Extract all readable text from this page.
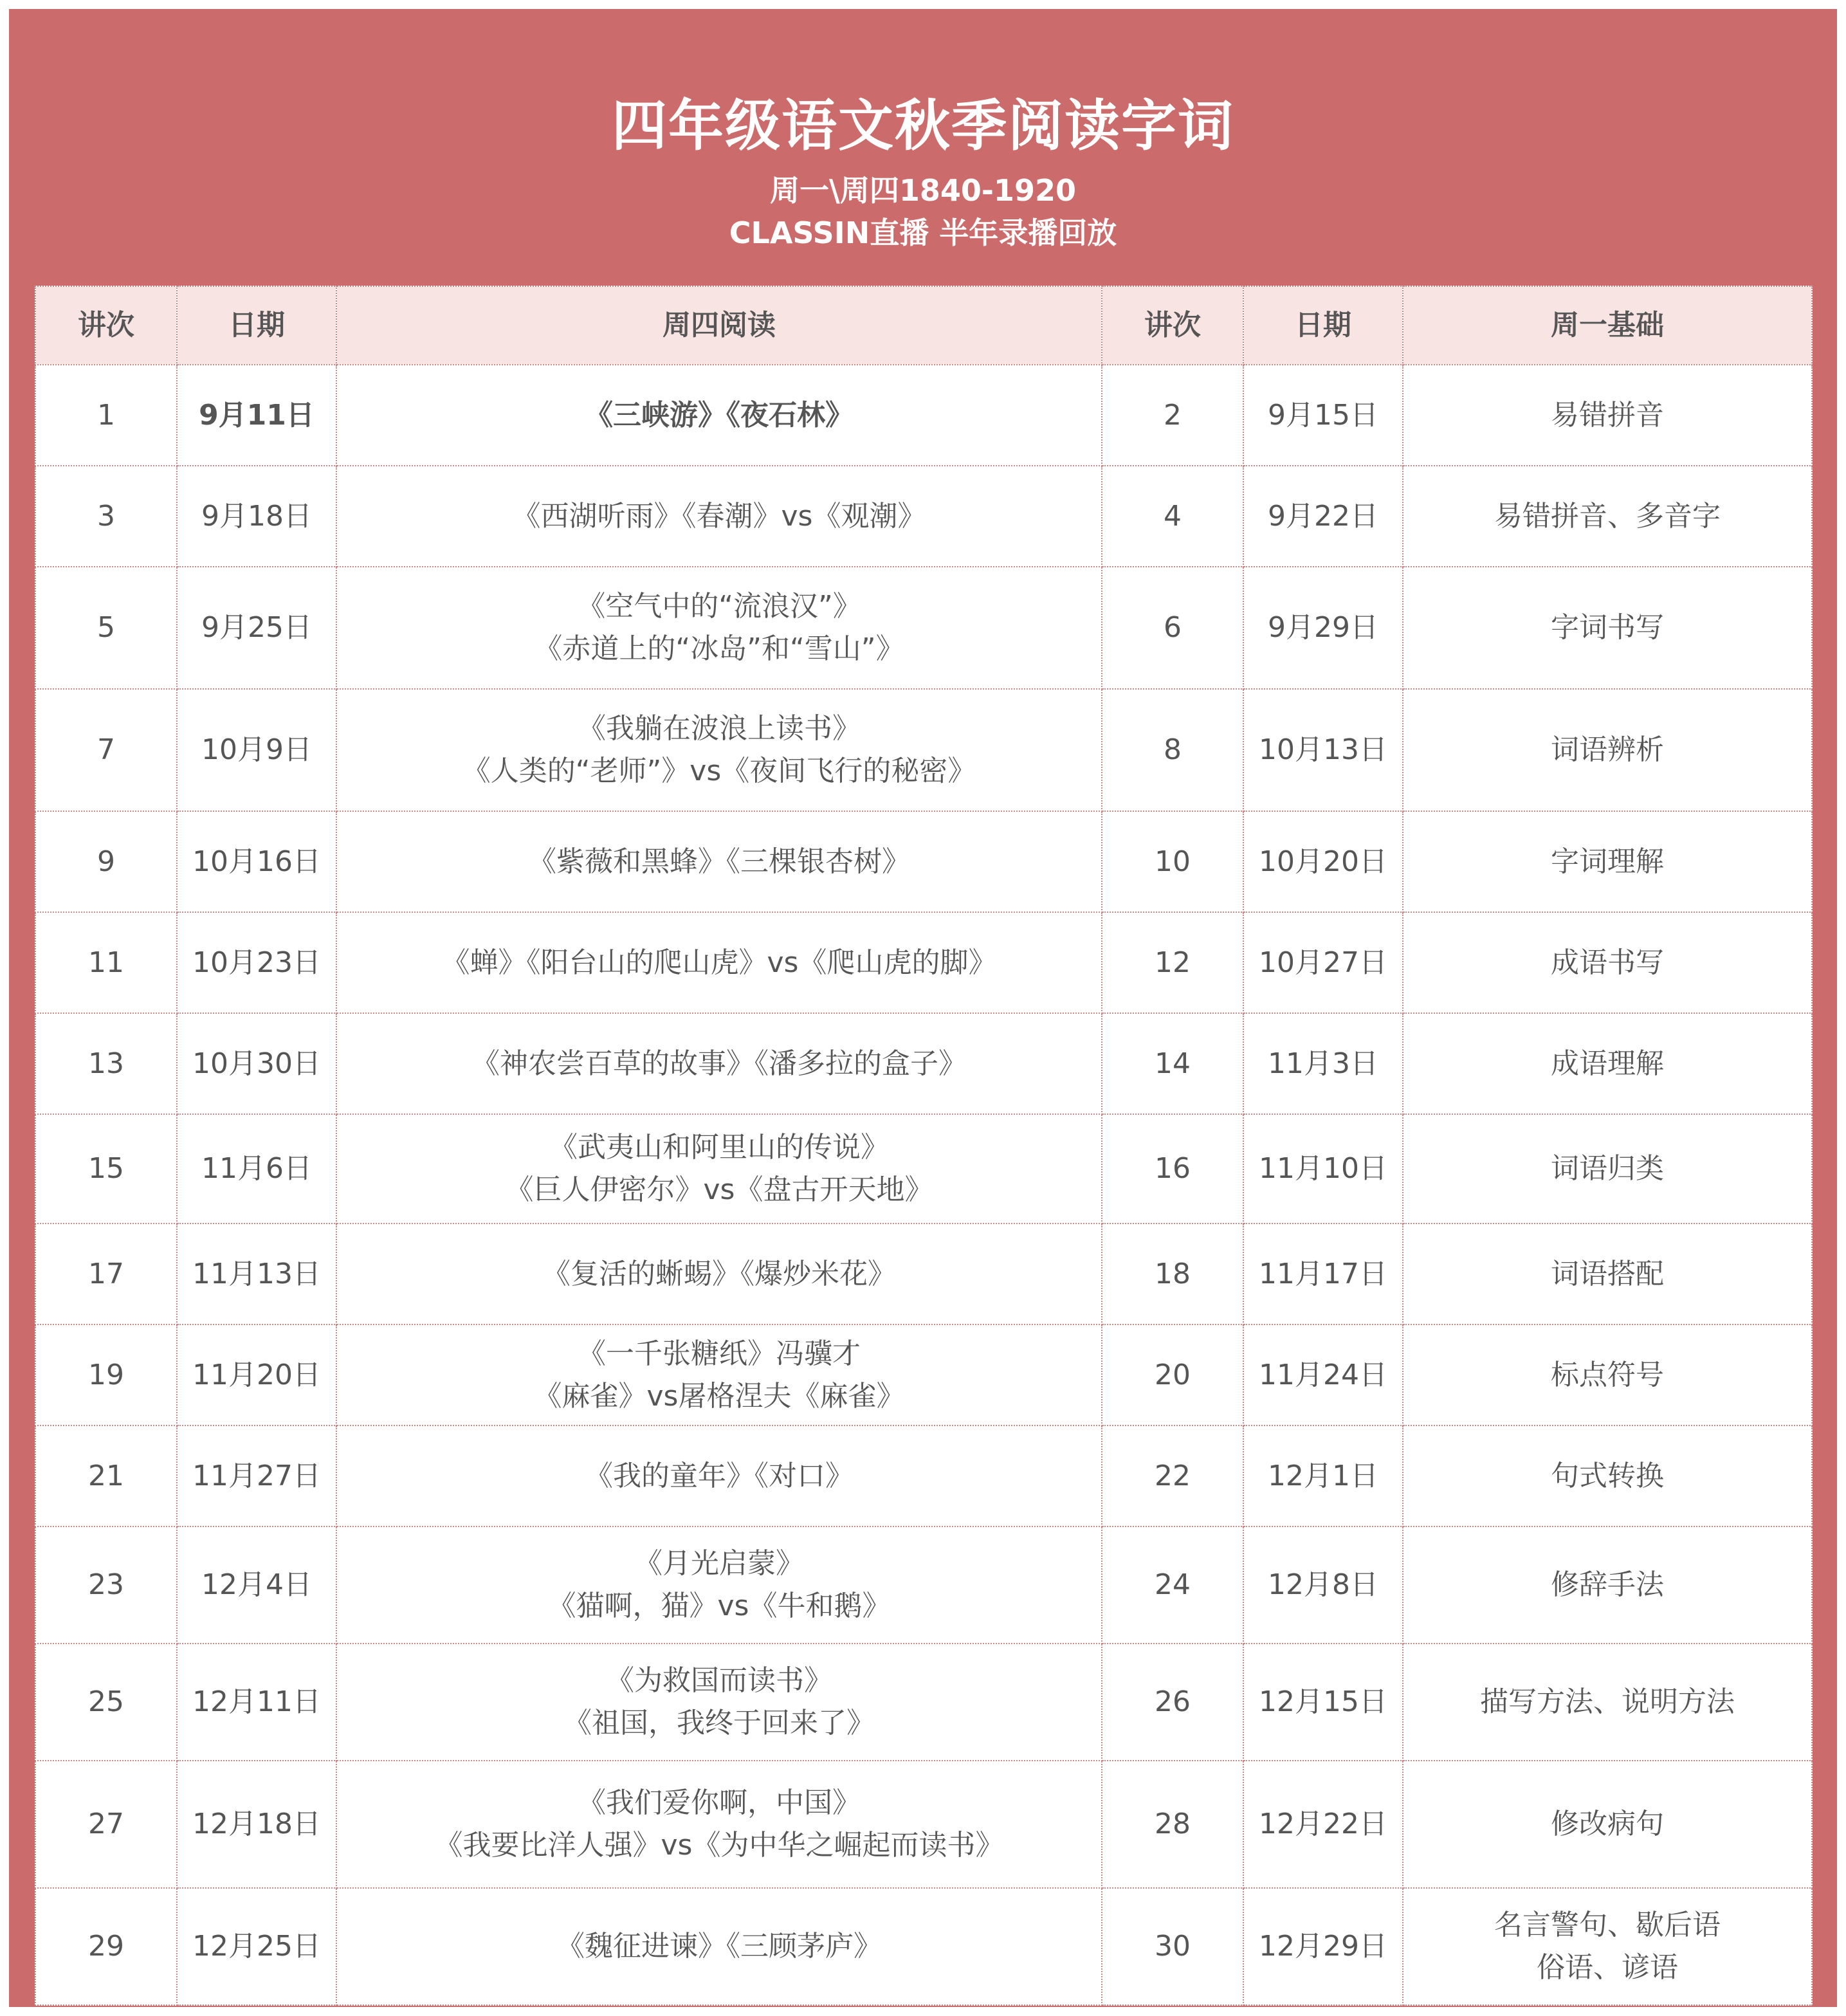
四年级语文秋季阅读字词
周一\周四1840-1920
CLASSIN直播 半年录播回放
讲次	日期	周四阅读	讲次	日期	周一基础
1	9月11日	《三峡游》《夜石林》	2	9月15日	易错拼音

3	9月18日	《西湖听雨》《春潮》vs《观潮》	4	9月22日	易错拼音、多音字

5	9月25日	《空气中的“流浪汉”》
《赤道上的“冰岛”和“雪山”》	6	9月29日	字词书写

7	10月9日	《我躺在波浪上读书》
《人类的“老师”》vs《夜间飞行的秘密》	8	10月13日	词语辨析

9	10月16日	《紫薇和黑蜂》《三棵银杏树》	10	10月20日	字词理解

11	10月23日	《蝉》《阳台山的爬山虎》vs《爬山虎的脚》	12	10月27日	成语书写

13	10月30日	《神农尝百草的故事》《潘多拉的盒子》	14	11月3日	成语理解

15	11月6日	《武夷山和阿里山的传说》
《巨人伊密尔》vs《盘古开天地》	16	11月10日	词语归类

17	11月13日	《复活的蜥蜴》《爆炒米花》	18	11月17日	词语搭配

19	11月20日	《一千张糖纸》冯骥才
《麻雀》vs屠格涅夫《麻雀》	20	11月24日	标点符号

21	11月27日	《我的童年》《对口》	22	12月1日	句式转换

23	12月4日	《月光启蒙》
《猫啊，猫》vs《牛和鹅》	24	12月8日	修辞手法

25	12月11日	《为救国而读书》
《祖国，我终于回来了》	26	12月15日	描写方法、说明方法

27	12月18日	《我们爱你啊，中国》
《我要比洋人强》vs《为中华之崛起而读书》	28	12月22日	修改病句

29	12月25日	《魏征进谏》《三顾茅庐》	30	12月29日	名言警句、歇后语
俗语、谚语
